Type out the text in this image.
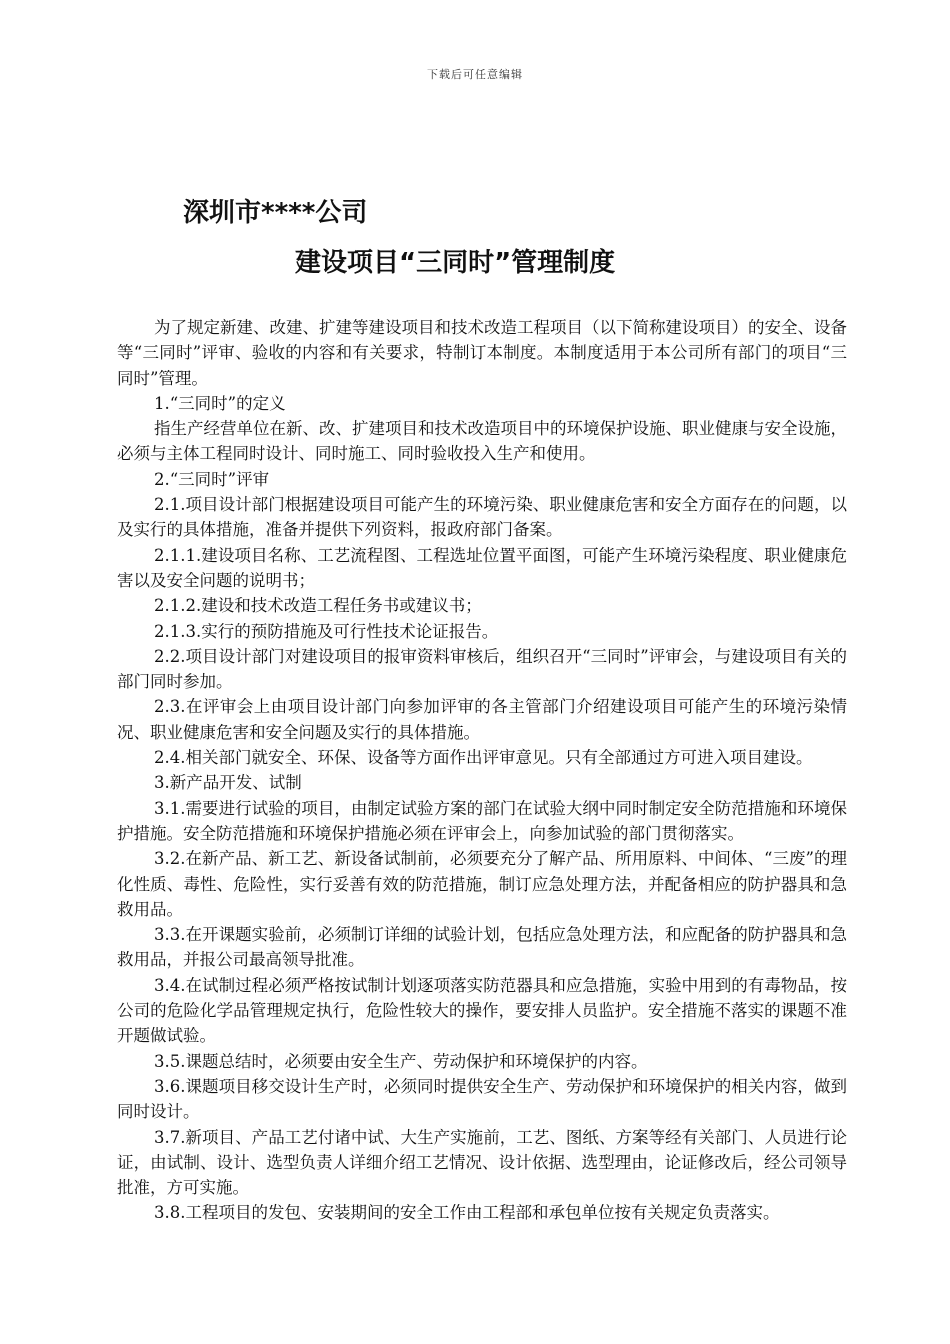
下载后可任意编辑
深圳市****公司
建设项目“三同时”管理制度

为了规定新建、改建、扩建等建设项目和技术改造工程项目（以下简称建设项目）的安全、设备等“三同时”评审、验收的内容和有关要求，特制订本制度。本制度适用于本公司所有部门的项目“三同时”管理。

1.“三同时”的定义

指生产经营单位在新、改、扩建项目和技术改造项目中的环境保护设施、职业健康与安全设施，必须与主体工程同时设计、同时施工、同时验收投入生产和使用。

2.“三同时”评审

2.1.项目设计部门根据建设项目可能产生的环境污染、职业健康危害和安全方面存在的问题，以及实行的具体措施，准备并提供下列资料，报政府部门备案。

2.1.1.建设项目名称、工艺流程图、工程选址位置平面图，可能产生环境污染程度、职业健康危害以及安全问题的说明书；

2.1.2.建设和技术改造工程任务书或建议书；

2.1.3.实行的预防措施及可行性技术论证报告。

2.2.项目设计部门对建设项目的报审资料审核后，组织召开“三同时”评审会，与建设项目有关的部门同时参加。

2.3.在评审会上由项目设计部门向参加评审的各主管部门介绍建设项目可能产生的环境污染情况、职业健康危害和安全问题及实行的具体措施。

2.4.相关部门就安全、环保、设备等方面作出评审意见。只有全部通过方可进入项目建设。

3.新产品开发、试制

3.1.需要进行试验的项目，由制定试验方案的部门在试验大纲中同时制定安全防范措施和环境保护措施。安全防范措施和环境保护措施必须在评审会上，向参加试验的部门贯彻落实。

3.2.在新产品、新工艺、新设备试制前，必须要充分了解产品、所用原料、中间体、“三废”的理化性质、毒性、危险性，实行妥善有效的防范措施，制订应急处理方法，并配备相应的防护器具和急救用品。

3.3.在开课题实验前，必须制订详细的试验计划，包括应急处理方法，和应配备的防护器具和急救用品，并报公司最高领导批准。

3.4.在试制过程必须严格按试制计划逐项落实防范器具和应急措施，实验中用到的有毒物品，按公司的危险化学品管理规定执行，危险性较大的操作，要安排人员监护。安全措施不落实的课题不准开题做试验。

3.5.课题总结时，必须要由安全生产、劳动保护和环境保护的内容。

3.6.课题项目移交设计生产时，必须同时提供安全生产、劳动保护和环境保护的相关内容，做到同时设计。

3.7.新项目、产品工艺付诸中试、大生产实施前，工艺、图纸、方案等经有关部门、人员进行论证，由试制、设计、选型负责人详细介绍工艺情况、设计依据、选型理由，论证修改后，经公司领导批准，方可实施。

3.8.工程项目的发包、安装期间的安全工作由工程部和承包单位按有关规定负责落实。
